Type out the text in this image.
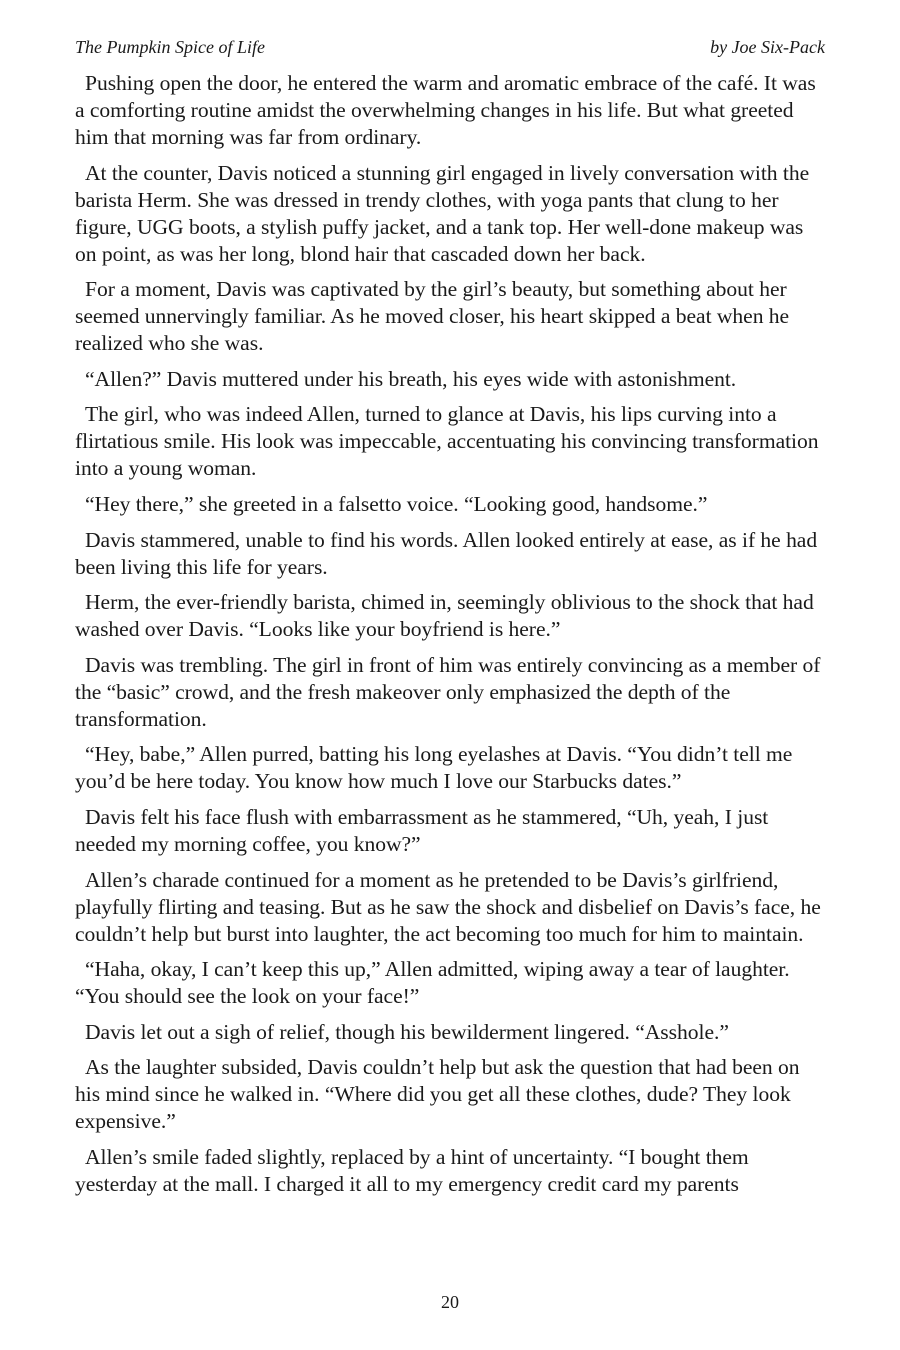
The Pumpkin Spice of Life	by Joe Six-Pack

Pushing open the door, he entered the warm and aromatic embrace of the café. It was a comforting routine amidst the overwhelming changes in his life. But what greeted him that morning was far from ordinary.

At the counter, Davis noticed a stunning girl engaged in lively conversation with the barista Herm. She was dressed in trendy clothes, with yoga pants that clung to her figure, UGG boots, a stylish puffy jacket, and a tank top. Her well-done makeup was on point, as was her long, blond hair that cascaded down her back.

For a moment, Davis was captivated by the girl’s beauty, but something about her seemed unnervingly familiar. As he moved closer, his heart skipped a beat when he realized who she was.

“Allen?” Davis muttered under his breath, his eyes wide with astonishment.

The girl, who was indeed Allen, turned to glance at Davis, his lips curving into a flirtatious smile. His look was impeccable, accentuating his convincing transformation into a young woman.

“Hey there,” she greeted in a falsetto voice. “Looking good, handsome.”

Davis stammered, unable to find his words. Allen looked entirely at ease, as if he had been living this life for years.

Herm, the ever-friendly barista, chimed in, seemingly oblivious to the shock that had washed over Davis. “Looks like your boyfriend is here.”

Davis was trembling. The girl in front of him was entirely convincing as a member of the “basic” crowd, and the fresh makeover only emphasized the depth of the transformation.

“Hey, babe,” Allen purred, batting his long eyelashes at Davis. “You didn’t tell me you’d be here today. You know how much I love our Starbucks dates.”

Davis felt his face flush with embarrassment as he stammered, “Uh, yeah, I just needed my morning coffee, you know?”

Allen’s charade continued for a moment as he pretended to be Davis’s girlfriend, playfully flirting and teasing. But as he saw the shock and disbelief on Davis’s face, he couldn’t help but burst into laughter, the act becoming too much for him to maintain.

“Haha, okay, I can’t keep this up,” Allen admitted, wiping away a tear of laughter. “You should see the look on your face!”

Davis let out a sigh of relief, though his bewilderment lingered. “Asshole.”

As the laughter subsided, Davis couldn’t help but ask the question that had been on his mind since he walked in. “Where did you get all these clothes, dude? They look expensive.”

Allen’s smile faded slightly, replaced by a hint of uncertainty. “I bought them yesterday at the mall. I charged it all to my emergency credit card my parents

20
